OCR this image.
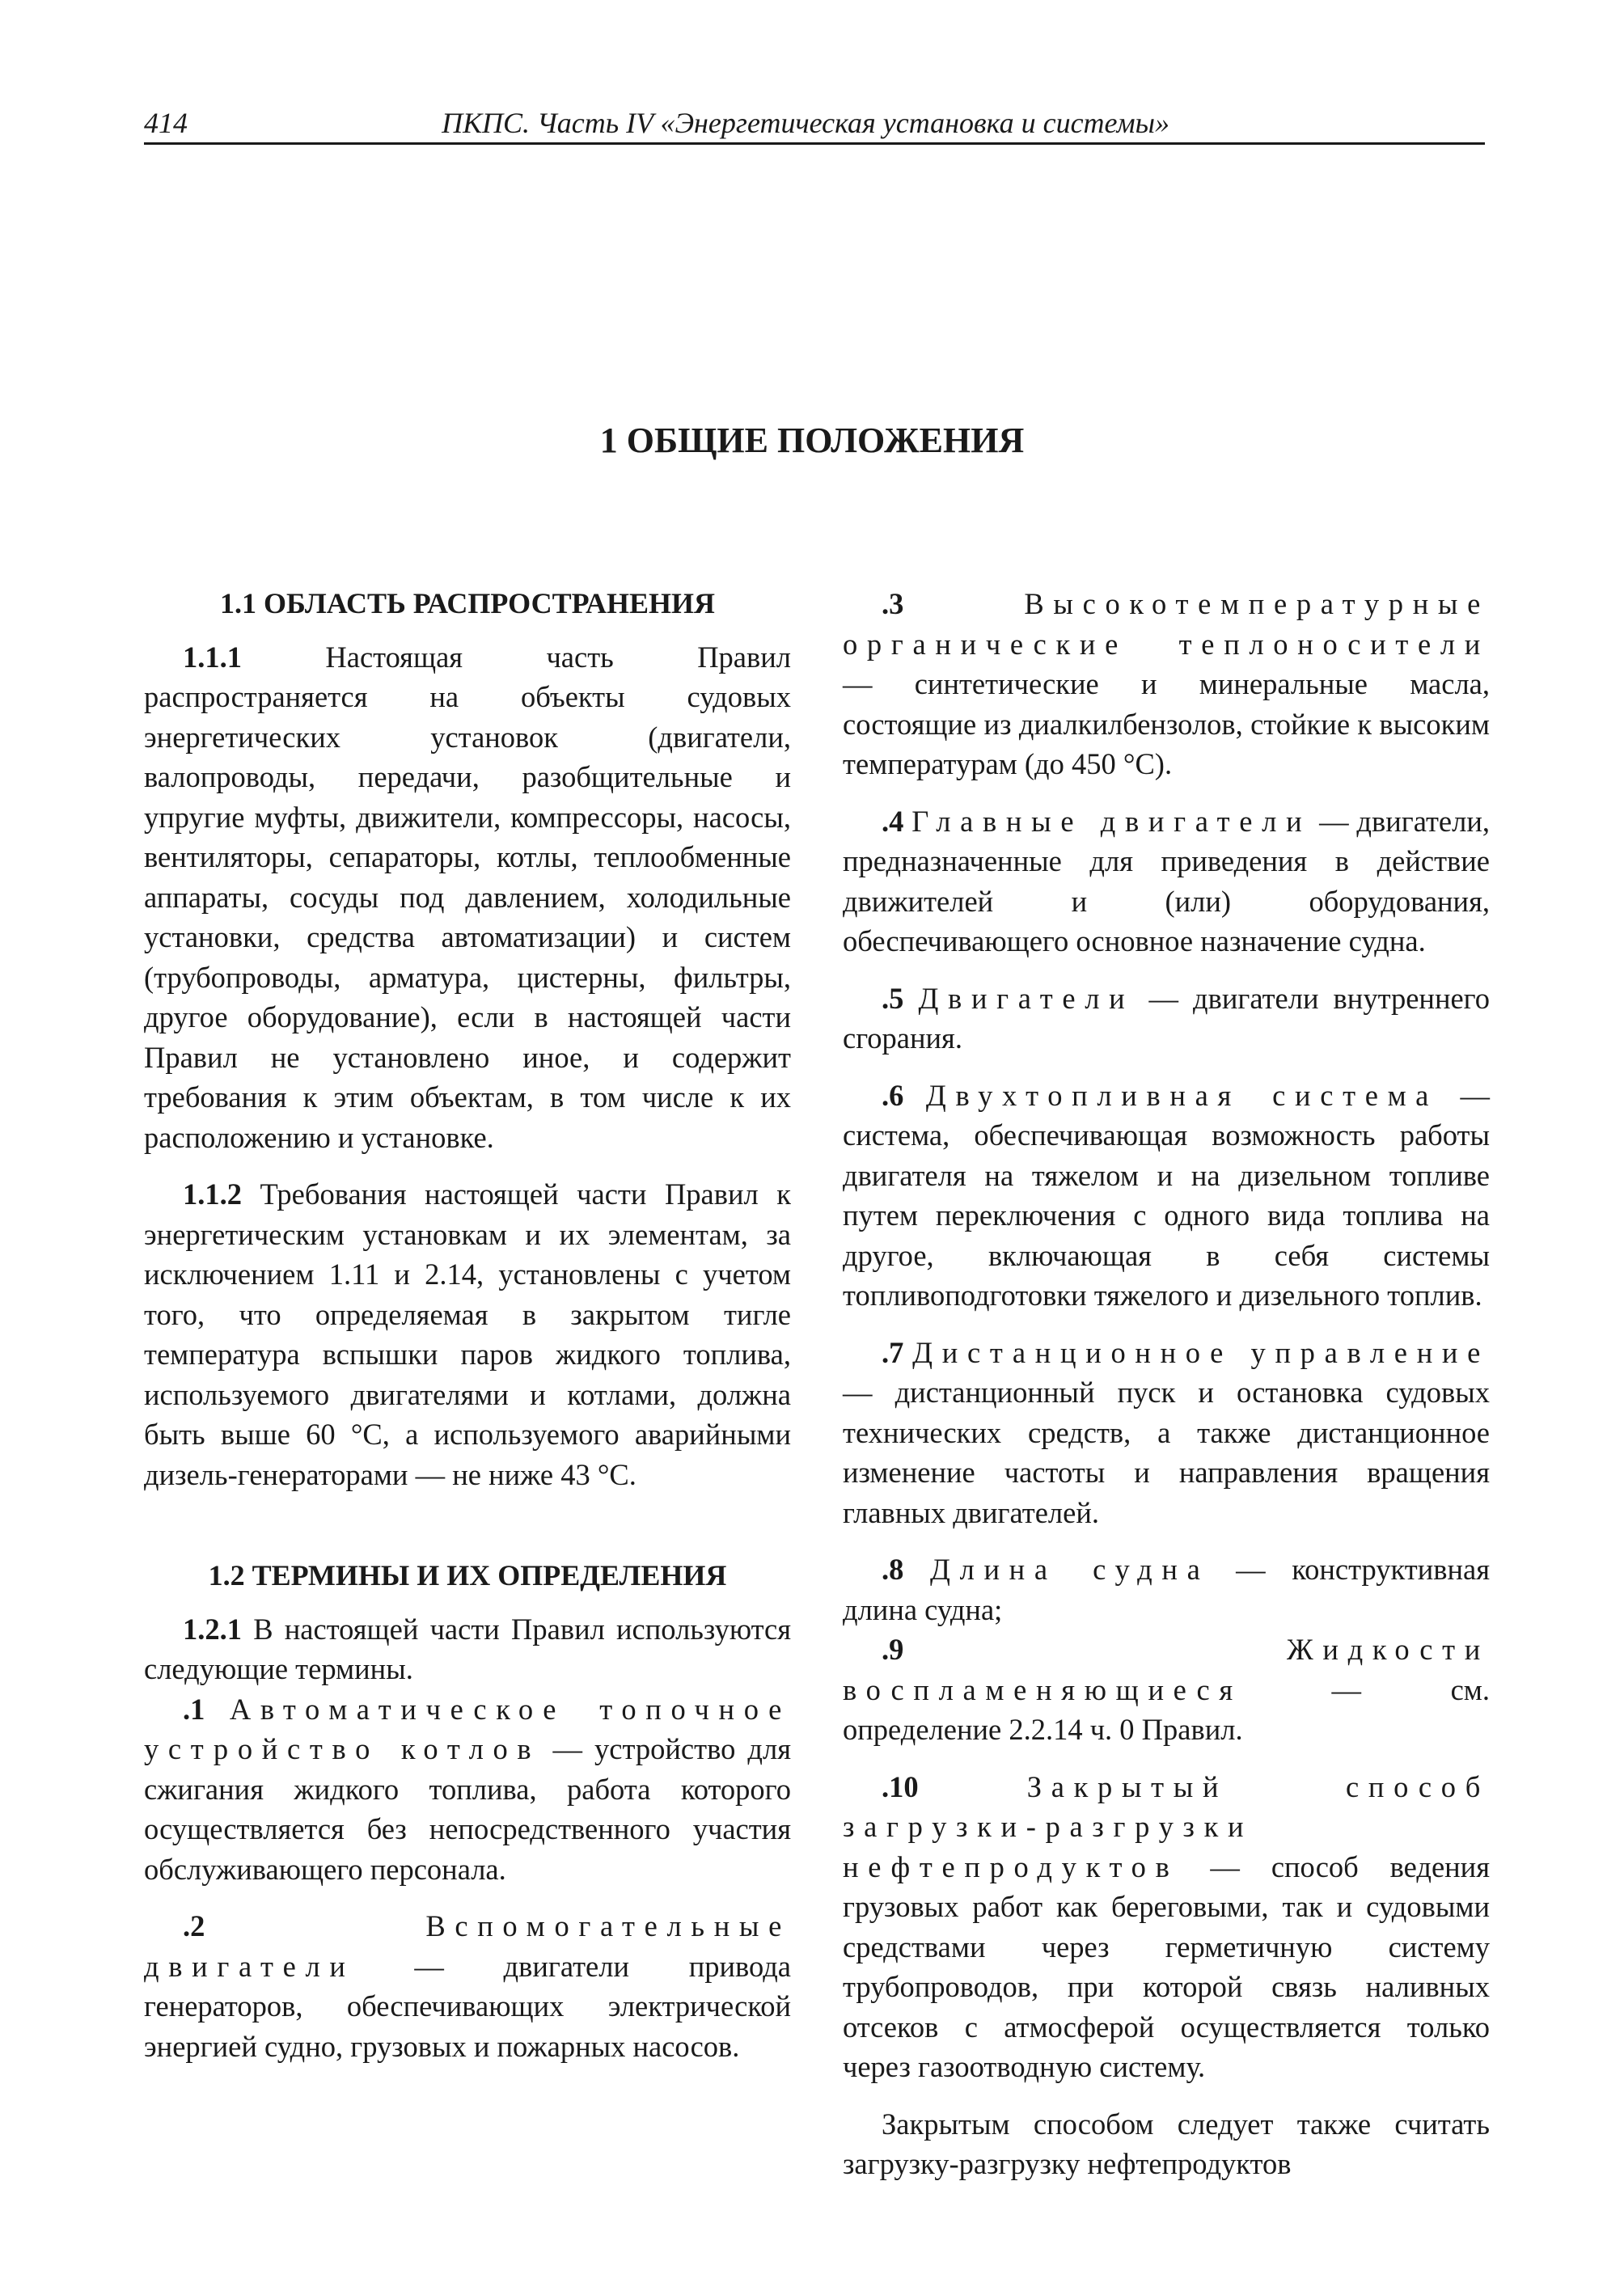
414	ПКПС. Часть IV «Энергетическая установка и системы»
1 ОБЩИЕ ПОЛОЖЕНИЯ
1.1 ОБЛАСТЬ РАСПРОСТРАНЕНИЯ

1.1.1 Настоящая часть Правил распространяется на объекты судовых энергетических установок (двигатели, валопроводы, передачи, разобщительные и упругие муфты, движители, компрессоры, насосы, вентиляторы, сепараторы, котлы, теплообменные аппараты, сосуды под давлением, холодильные установки, средства автоматизации) и систем (трубопроводы, арматура, цистерны, фильтры, другое оборудование), если в настоящей части Правил не установлено иное, и содержит требования к этим объектам, в том числе к их расположению и установке.

1.1.2 Требования настоящей части Правил к энергетическим установкам и их элементам, за исключением 1.11 и 2.14, установлены с учетом того, что определяемая в закрытом тигле температура вспышки паров жидкого топлива, используемого двигателями и котлами, должна быть выше 60 °С, а используемого аварийными дизель-генераторами — не ниже 43 °С.

1.2 ТЕРМИНЫ И ИХ ОПРЕДЕЛЕНИЯ

1.2.1 В настоящей части Правил используются следующие термины.

.1 Автоматическое топочное устройство котлов — устройство для сжигания жидкого топлива, работа которого осуществляется без непосредственного участия обслуживающего персонала.

.2	Вспомогательные двигатели — двигатели привода генераторов, обеспечивающих электрической энергией судно, грузовых и пожарных насосов.

.3	Высокотемпературные органические теплоносители — синтетические и минеральные масла, состоящие из диалкилбензолов, стойкие к высоким температурам (до 450 °С).

.4 Главные двигатели — двигатели, предназначенные для приведения в действие движителей и (или) оборудования, обеспечивающего основное назначение судна.

.5 Двигатели — двигатели внутреннего сгорания.

.6 Двухтопливная система — система, обеспечивающая возможность работы двигателя на тяжелом и на дизельном топливе путем переключения с одного вида топлива на другое, включающая в себя системы топливоподготовки тяжелого и дизельного топлив.

.7 Дистанционное управление — дистанционный пуск и остановка судовых технических средств, а также дистанционное изменение частоты и направления вращения главных двигателей.

.8 Длина судна — конструктивная длина судна;

.9	Жидкости воспламеняющиеся — см. определение 2.2.14 ч. 0 Правил.

.10	Закрытый способ загрузки-разгрузки нефтепродуктов — способ ведения грузовых работ как береговыми, так и судовыми средствами через герметичную систему трубопроводов, при которой связь наливных отсеков с атмосферой осуществляется только через газоотводную систему.

Закрытым способом следует также считать загрузку-разгрузку нефтепродуктов
